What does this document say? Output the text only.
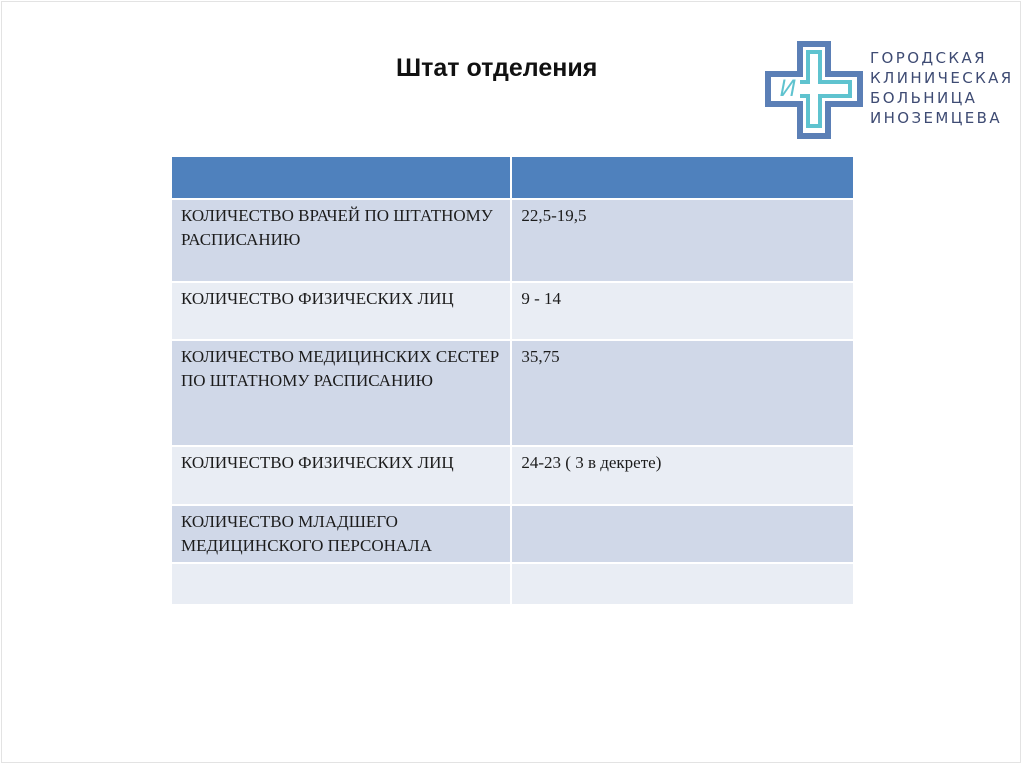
Штат отделения
И
ГОРОДСКАЯ
КЛИНИЧЕСКАЯ
БОЛЬНИЦА
ИНОЗЕМЦЕВА

КОЛИЧЕСТВО ВРАЧЕЙ ПО ШТАТНОМУ РАСПИСАНИЮ	22,5-19,5
КОЛИЧЕСТВО ФИЗИЧЕСКИХ ЛИЦ	9 - 14
КОЛИЧЕСТВО МЕДИЦИНСКИХ СЕСТЕР ПО ШТАТНОМУ РАСПИСАНИЮ	35,75
КОЛИЧЕСТВО ФИЗИЧЕСКИХ ЛИЦ	24-23 ( 3 в декрете)
КОЛИЧЕСТВО МЛАДШЕГО МЕДИЦИНСКОГО ПЕРСОНАЛА	
